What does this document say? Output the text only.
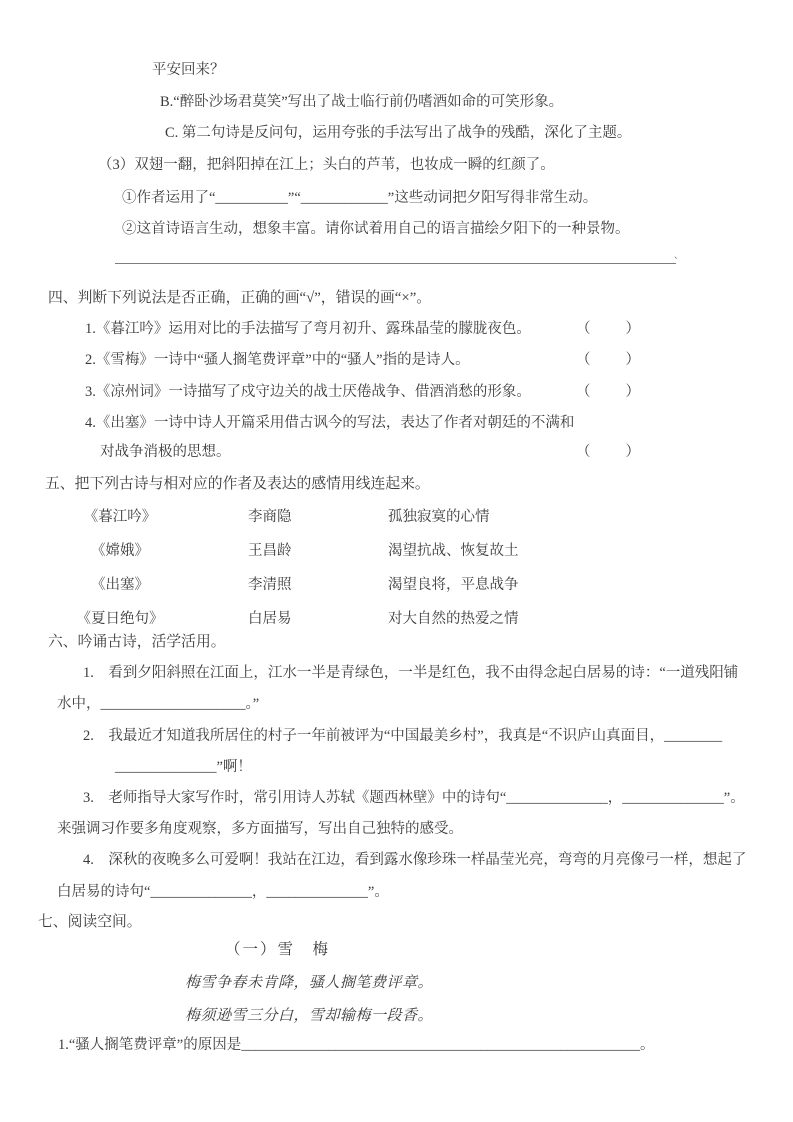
平安回来？
B.“醉卧沙场君莫笑”写出了战士临行前仍嗜酒如命的可笑形象。
C. 第二句诗是反问句，运用夸张的手法写出了战争的残酷，深化了主题。
（3）双翅一翻，把斜阳掉在江上；头白的芦苇，也妆成一瞬的红颜了。
①作者运用了“__________”“____________”这些动词把夕阳写得非常生动。
②这首诗语言生动，想象丰富。请你试着用自己的语言描绘夕阳下的一种景物。
、
四、判断下列说法是否正确，正确的画“√”，错误的画“×”。
1.《暮江吟》运用对比的手法描写了弯月初升、露珠晶莹的朦胧夜色。	（　　）
2.《雪梅》一诗中“骚人搁笔费评章”中的“骚人”指的是诗人。	（　　）
3.《凉州词》一诗描写了戍守边关的战士厌倦战争、借酒消愁的形象。	（　　）
4.《出塞》一诗中诗人开篇采用借古讽今的写法，表达了作者对朝廷的不满和
对战争消极的思想。	（　　）
五、把下列古诗与相对应的作者及表达的感情用线连起来。
《暮江吟》	李商隐	孤独寂寞的心情
《嫦娥》	王昌龄	渴望抗战、恢复故土
《出塞》	李清照	渴望良将，平息战争
《夏日绝句》	白居易	对大自然的热爱之情
六、吟诵古诗，活学活用。
1.　看到夕阳斜照在江面上，江水一半是青绿色，一半是红色，我不由得念起白居易的诗：“一道残阳铺
水中，____________________。”
2.　我最近才知道我所居住的村子一年前被评为“中国最美乡村”，我真是“不识庐山真面目，________
______________”啊！
3.　老师指导大家写作时，常引用诗人苏轼《题西林壁》中的诗句“______________，______________”。
来强调习作要多角度观察，多方面描写，写出自己独特的感受。
4.　深秋的夜晚多么可爱啊！我站在江边，看到露水像珍珠一样晶莹光亮，弯弯的月亮像弓一样，想起了
白居易的诗句“______________，______________”。
七、阅读空间。
（一）雪　梅
梅雪争春未肯降，骚人搁笔费评章。
梅须逊雪三分白，雪却输梅一段香。
1.“骚人搁笔费评章”的原因是_______________________________________________________。
